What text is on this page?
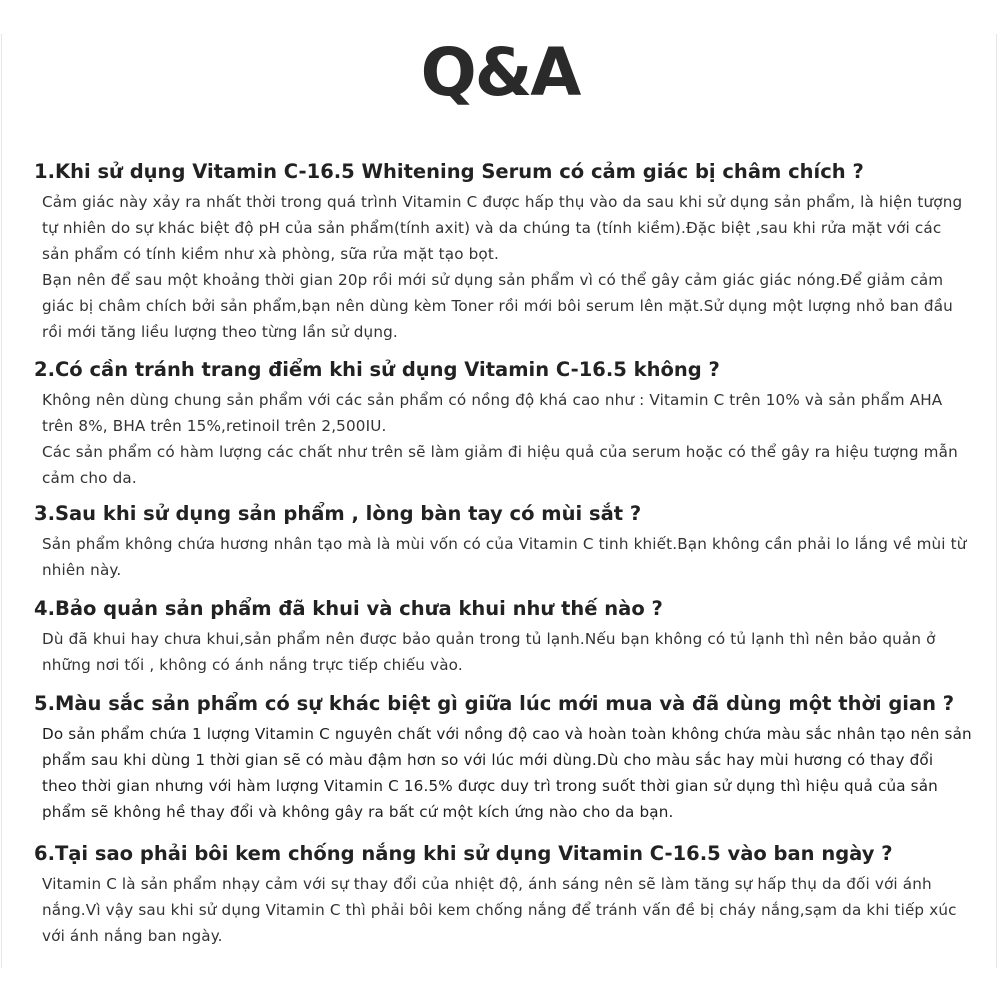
Q&A
1.Khi sử dụng Vitamin C-16.5 Whitening Serum có cảm giác bị châm chích ?

Cảm giác này xảy ra nhất thời trong quá trình Vitamin C được hấp thụ vào da sau khi sử dụng sản phẩm, là hiện tượng tự nhiên do sự khác biệt độ pH của sản phẩm(tính axit) và da chúng ta (tính kiềm).Đặc biệt ,sau khi rửa mặt với các sản phẩm có tính kiềm như xà phòng, sữa rửa mặt tạo bọt.

Bạn nên để sau một khoảng thời gian 20p rồi mới sử dụng sản phẩm vì có thể gây cảm giác giác nóng.Để giảm cảm giác bị châm chích bởi sản phẩm,bạn nên dùng kèm Toner rồi mới bôi serum lên mặt.Sử dụng một lượng nhỏ ban đầu rồi mới tăng liều lượng theo từng lần sử dụng.

2.Có cần tránh trang điểm khi sử dụng Vitamin C-16.5 không ?

Không nên dùng chung sản phẩm với các sản phẩm có nồng độ khá cao như : Vitamin C trên 10% và sản phẩm AHA trên 8%, BHA trên 15%,retinoil trên 2,500IU.

Các sản phẩm có hàm lượng các chất như trên sẽ làm giảm đi hiệu quả của serum hoặc có thể gây ra hiệu tượng mẫn cảm cho da.

3.Sau khi sử dụng sản phẩm , lòng bàn tay có mùi sắt ?

Sản phẩm không chứa hương nhân tạo mà là mùi vốn có của Vitamin C tinh khiết.Bạn không cần phải lo lắng về mùi từ nhiên này.

4.Bảo quản sản phẩm đã khui và chưa khui như thế nào ?

Dù đã khui hay chưa khui,sản phẩm nên được bảo quản trong tủ lạnh.Nếu bạn không có tủ lạnh thì nên bảo quản ở những nơi tối , không có ánh nắng trực tiếp chiếu vào.

5.Màu sắc sản phẩm có sự khác biệt gì giữa lúc mới mua và đã dùng một thời gian ?

Do sản phẩm chứa 1 lượng Vitamin C nguyên chất với nồng độ cao và hoàn toàn không chứa màu sắc nhân tạo nên sản phẩm sau khi dùng 1 thời gian sẽ có màu đậm hơn so với lúc mới dùng.Dù cho màu sắc hay mùi hương có thay đổi theo thời gian nhưng với hàm lượng Vitamin C 16.5% được duy trì trong suốt thời gian sử dụng thì hiệu quả của sản phẩm sẽ không hề thay đổi và không gây ra bất cứ một kích ứng nào cho da bạn.

6.Tại sao phải bôi kem chống nắng khi sử dụng Vitamin C-16.5 vào ban ngày ?

Vitamin C là sản phẩm nhạy cảm với sự thay đổi của nhiệt độ, ánh sáng nên sẽ làm tăng sự hấp thụ da đối với ánh nắng.Vì vậy sau khi sử dụng Vitamin C thì phải bôi kem chống nắng để tránh vấn đề bị cháy nắng,sạm da khi tiếp xúc với ánh nắng ban ngày.
